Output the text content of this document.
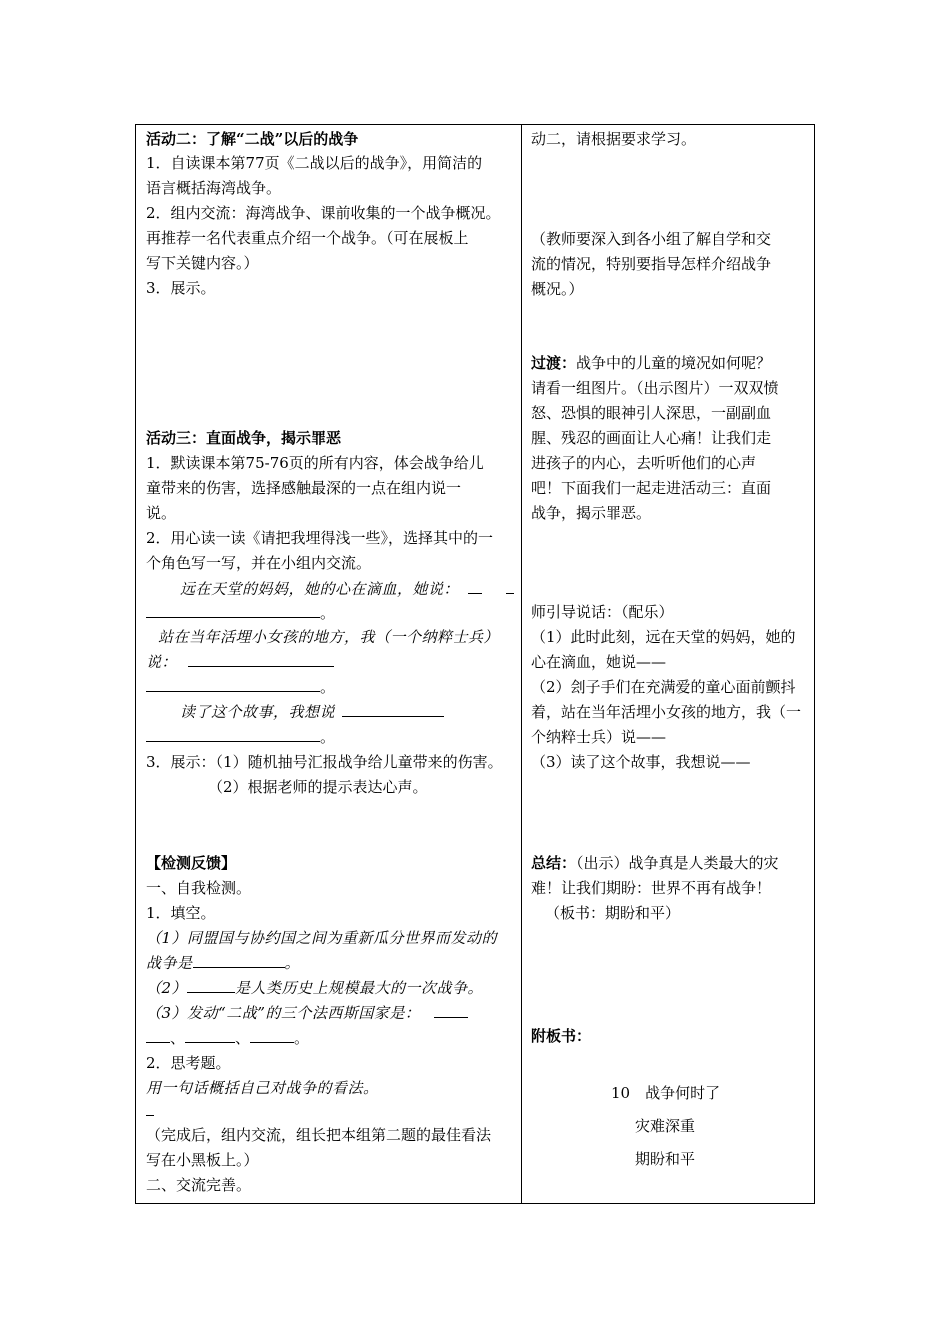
活动二：了解“二战”以后的战争
1．自读课本第77页《二战以后的战争》，用简洁的
语言概括海湾战争。
2．组内交流：海湾战争、课前收集的一个战争概况。
再推荐一名代表重点介绍一个战争。（可在展板上
写下关键内容。）
3．展示。
活动三：直面战争，揭示罪恶
1．默读课本第75-76页的所有内容，体会战争给儿
童带来的伤害，选择感触最深的一点在组内说一
说。
2．用心读一读《请把我埋得浅一些》，选择其中的一
个角色写一写，并在小组内交流。
远在天堂的妈妈，她的心在滴血，她说：
。
站在当年活埋小女孩的地方，我（一个纳粹士兵）
说：
。
读了这个故事，我想说
。
3．展示：（1）随机抽号汇报战争给儿童带来的伤害。
（2）根据老师的提示表达心声。
【检测反馈】
一、自我检测。
1．填空。
（1）同盟国与协约国之间为重新瓜分世界而发动的
战争是	。
（2）	是人类历史上规模最大的一次战争。
（3）发动“二战”的三个法西斯国家是：
、	、	。
2．思考题。
用一句话概括自己对战争的看法。
（完成后，组内交流，组长把本组第二题的最佳看法
写在小黑板上。）
二、交流完善。
动二，请根据要求学习。
（教师要深入到各小组了解自学和交
流的情况，特别要指导怎样介绍战争
概况。）
过渡：战争中的儿童的境况如何呢？
请看一组图片。（出示图片）一双双愤
怒、恐惧的眼神引人深思，一副副血
腥、残忍的画面让人心痛！让我们走
进孩子的内心，去听听他们的心声
吧！下面我们一起走进活动三：直面
战争，揭示罪恶。
师引导说话：（配乐）
（1）此时此刻，远在天堂的妈妈，她的
心在滴血，她说——
（2）刽子手们在充满爱的童心面前颤抖
着，站在当年活埋小女孩的地方，我（一
个纳粹士兵）说——
（3）读了这个故事，我想说——
总结：（出示）战争真是人类最大的灾
难！让我们期盼：世界不再有战争！
（板书：期盼和平）
附板书：
10　战争何时了
灾难深重
期盼和平
